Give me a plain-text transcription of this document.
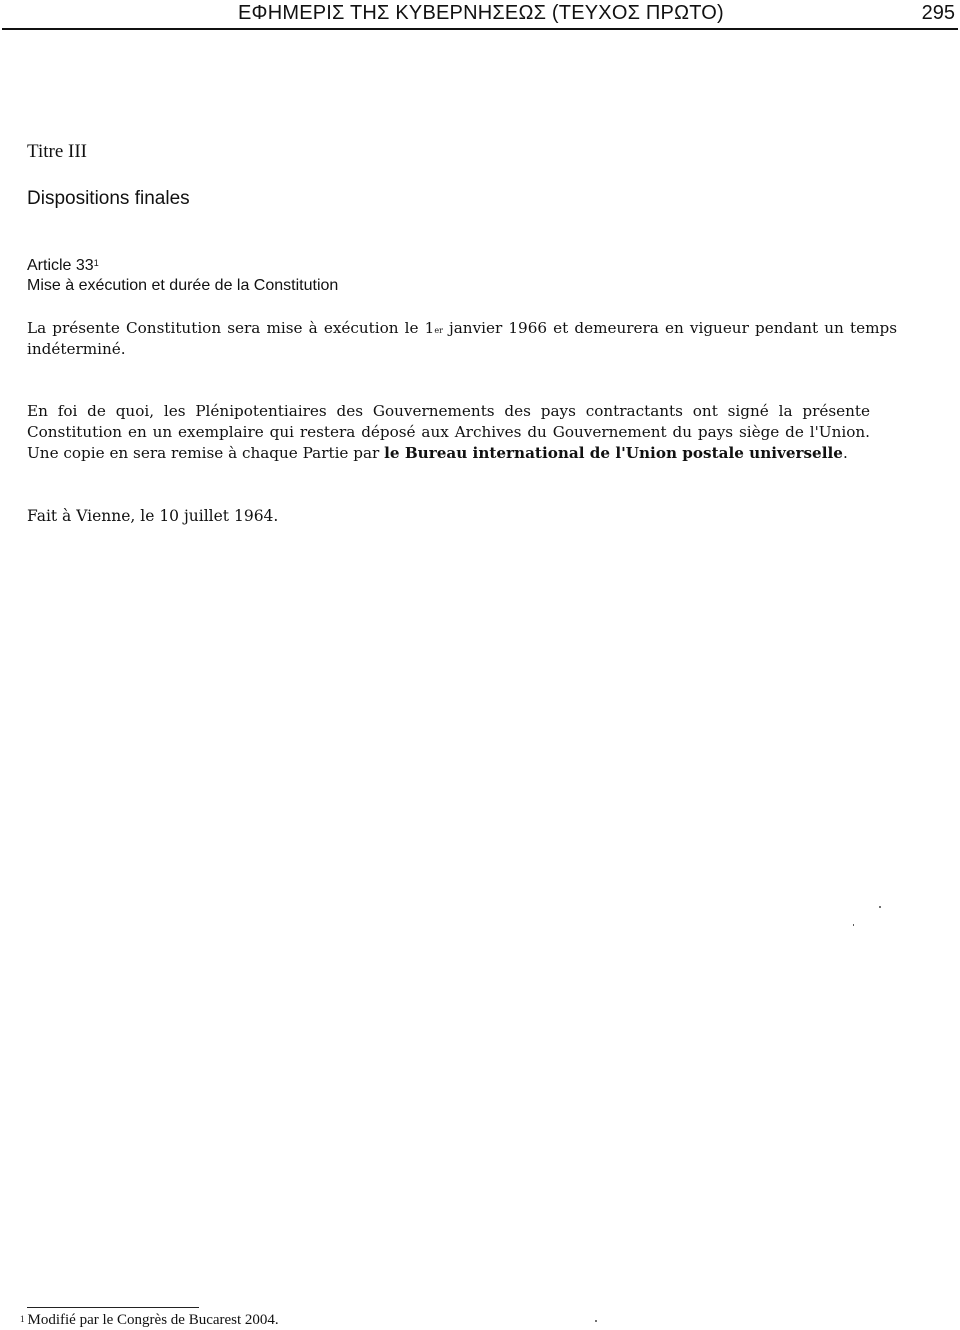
ΕΦΗΜΕΡΙΣ ΤΗΣ ΚΥΒΕΡΝΗΣΕΩΣ (ΤΕΥΧΟΣ ΠΡΩΤΟ)	295
Titre III
Dispositions finales
Article $33^1$
Mise à exécution et durée de la Constitution
La présente Constitution sera mise à exécution le 1er janvier 1966 et demeurera en vigueur pendant un temps indéterminé.
En foi de quoi, les Plénipotentiaires des Gouvernements des pays contractants ont signé la présente Constitution en un exemplaire qui restera déposé aux Archives du Gouvernement du pays siège de l'Union. Une copie en sera remise à chaque Partie par le Bureau international de l'Union postale universelle.
Fait à Vienne, le 10 juillet 1964.
$^1$ Modifié par le Congrès de Bucarest 2004.
